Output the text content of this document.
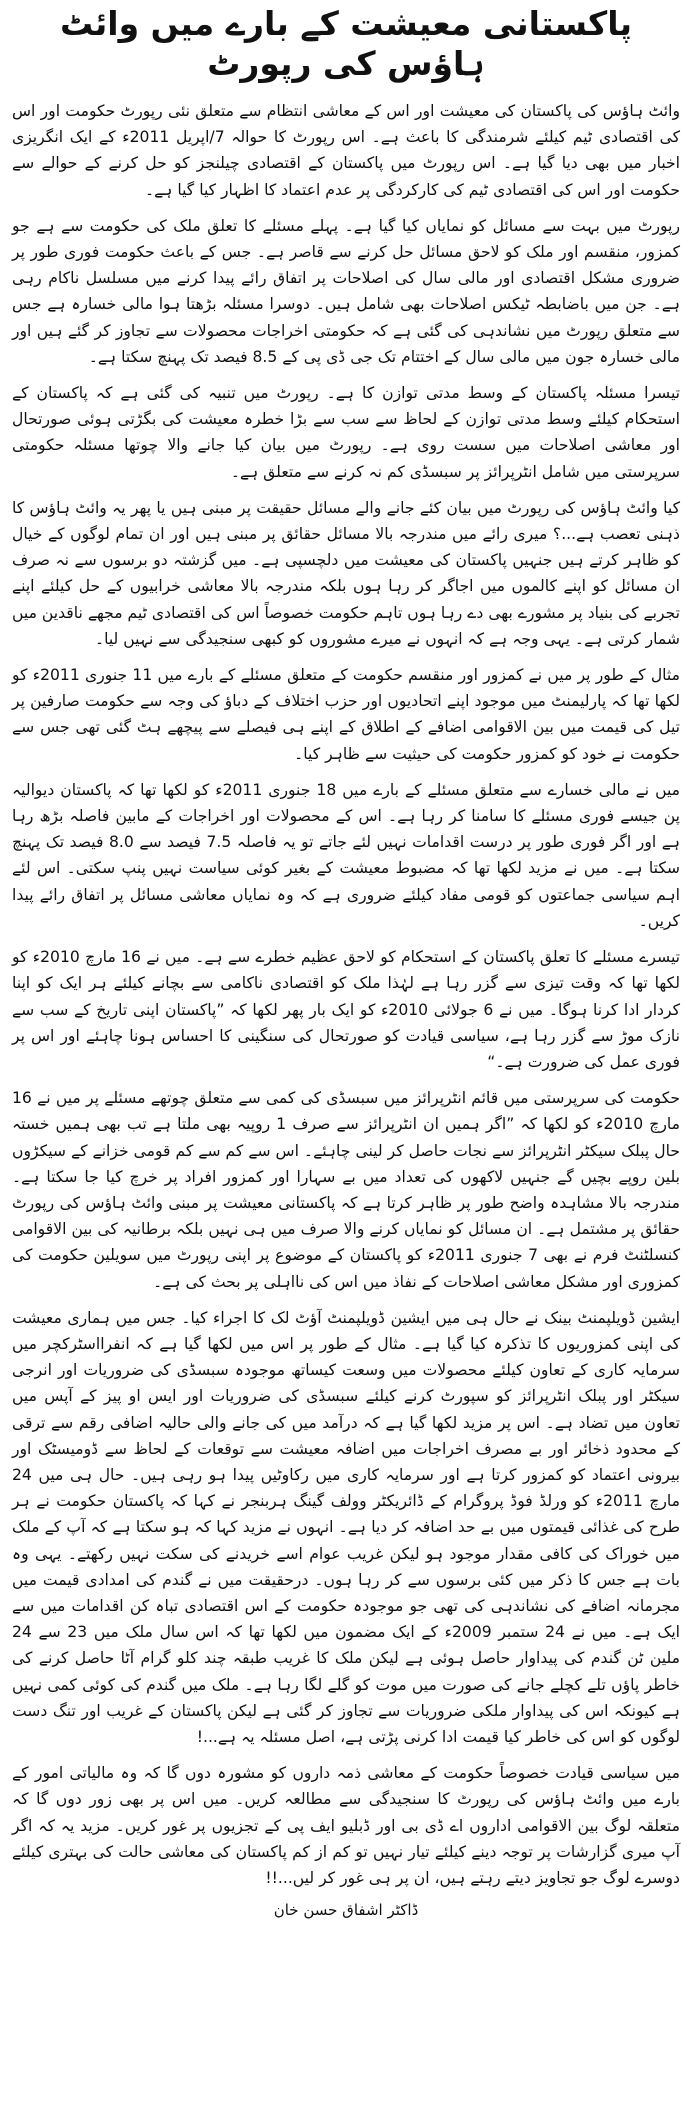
پاکستانی معیشت کے بارے میں وائٹ ہاؤس کی رپورٹ

وائٹ ہاؤس کی پاکستان کی معیشت اور اس کے معاشی انتظام سے متعلق نئی رپورٹ حکومت اور اس کی اقتصادی ٹیم کیلئے شرمندگی کا باعث ہے۔ اس رپورٹ کا حوالہ 7/اپریل 2011ء کے ایک انگریزی اخبار میں بھی دیا گیا ہے۔ اس رپورٹ میں پاکستان کے اقتصادی چیلنجز کو حل کرنے کے حوالے سے حکومت اور اس کی اقتصادی ٹیم کی کارکردگی پر عدم اعتماد کا اظہار کیا گیا ہے۔

رپورٹ میں بہت سے مسائل کو نمایاں کیا گیا ہے۔ پہلے مسئلے کا تعلق ملک کی حکومت سے ہے جو کمزور، منقسم اور ملک کو لاحق مسائل حل کرنے سے قاصر ہے۔ جس کے باعث حکومت فوری طور پر ضروری مشکل اقتصادی اور مالی سال کی اصلاحات پر اتفاق رائے پیدا کرنے میں مسلسل ناکام رہی ہے۔ جن میں باضابطہ ٹیکس اصلاحات بھی شامل ہیں۔ دوسرا مسئلہ بڑھتا ہوا مالی خسارہ ہے جس سے متعلق رپورٹ میں نشاندہی کی گئی ہے کہ حکومتی اخراجات محصولات سے تجاوز کر گئے ہیں اور مالی خسارہ جون میں مالی سال کے اختتام تک جی ڈی پی کے 8.5 فیصد تک پہنچ سکتا ہے۔

تیسرا مسئلہ پاکستان کے وسط مدتی توازن کا ہے۔ رپورٹ میں تنبیہ کی گئی ہے کہ پاکستان کے استحکام کیلئے وسط مدتی توازن کے لحاظ سے سب سے بڑا خطرہ معیشت کی بگڑتی ہوئی صورتحال اور معاشی اصلاحات میں سست روی ہے۔ رپورٹ میں بیان کیا جانے والا چوتھا مسئلہ حکومتی سرپرستی میں شامل انٹرپرائز پر سبسڈی کم نہ کرنے سے متعلق ہے۔

کیا وائٹ ہاؤس کی رپورٹ میں بیان کئے جانے والے مسائل حقیقت پر مبنی ہیں یا پھر یہ وائٹ ہاؤس کا ذہنی تعصب ہے...؟ میری رائے میں مندرجہ بالا مسائل حقائق پر مبنی ہیں اور ان تمام لوگوں کے خیال کو ظاہر کرتے ہیں جنہیں پاکستان کی معیشت میں دلچسپی ہے۔ میں گزشتہ دو برسوں سے نہ صرف ان مسائل کو اپنے کالموں میں اجاگر کر رہا ہوں بلکہ مندرجہ بالا معاشی خرابیوں کے حل کیلئے اپنے تجربے کی بنیاد پر مشورے بھی دے رہا ہوں تاہم حکومت خصوصاً اس کی اقتصادی ٹیم مجھے ناقدین میں شمار کرتی ہے۔ یہی وجہ ہے کہ انہوں نے میرے مشوروں کو کبھی سنجیدگی سے نہیں لیا۔

مثال کے طور پر میں نے کمزور اور منقسم حکومت کے متعلق مسئلے کے بارے میں 11 جنوری 2011ء کو لکھا تھا کہ پارلیمنٹ میں موجود اپنے اتحادیوں اور حزب اختلاف کے دباؤ کی وجہ سے حکومت صارفین پر تیل کی قیمت میں بین الاقوامی اضافے کے اطلاق کے اپنے ہی فیصلے سے پیچھے ہٹ گئی تھی جس سے حکومت نے خود کو کمزور حکومت کی حیثیت سے ظاہر کیا۔

میں نے مالی خسارے سے متعلق مسئلے کے بارے میں 18 جنوری 2011ء کو لکھا تھا کہ پاکستان دیوالیہ پن جیسے فوری مسئلے کا سامنا کر رہا ہے۔ اس کے محصولات اور اخراجات کے مابین فاصلہ بڑھ رہا ہے اور اگر فوری طور پر درست اقدامات نہیں لئے جاتے تو یہ فاصلہ 7.5 فیصد سے 8.0 فیصد تک پہنچ سکتا ہے۔ میں نے مزید لکھا تھا کہ مضبوط معیشت کے بغیر کوئی سیاست نہیں پنپ سکتی۔ اس لئے اہم سیاسی جماعتوں کو قومی مفاد کیلئے ضروری ہے کہ وہ نمایاں معاشی مسائل پر اتفاق رائے پیدا کریں۔

تیسرے مسئلے کا تعلق پاکستان کے استحکام کو لاحق عظیم خطرے سے ہے۔ میں نے 16 مارچ 2010ء کو لکھا تھا کہ وقت تیزی سے گزر رہا ہے لہٰذا ملک کو اقتصادی ناکامی سے بچانے کیلئے ہر ایک کو اپنا کردار ادا کرنا ہوگا۔ میں نے 6 جولائی 2010ء کو ایک بار پھر لکھا کہ ”پاکستان اپنی تاریخ کے سب سے نازک موڑ سے گزر رہا ہے، سیاسی قیادت کو صورتحال کی سنگینی کا احساس ہونا چاہئے اور اس پر فوری عمل کی ضرورت ہے۔“

حکومت کی سرپرستی میں قائم انٹرپرائز میں سبسڈی کی کمی سے متعلق چوتھے مسئلے پر میں نے 16 مارچ 2010ء کو لکھا کہ ”اگر ہمیں ان انٹرپرائز سے صرف 1 روپیہ بھی ملتا ہے تب بھی ہمیں خستہ حال پبلک سیکٹر انٹرپرائز سے نجات حاصل کر لینی چاہئے۔ اس سے کم سے کم قومی خزانے کے سیکڑوں بلین روپے بچیں گے جنہیں لاکھوں کی تعداد میں بے سہارا اور کمزور افراد پر خرچ کیا جا سکتا ہے۔ مندرجہ بالا مشاہدہ واضح طور پر ظاہر کرتا ہے کہ پاکستانی معیشت پر مبنی وائٹ ہاؤس کی رپورٹ حقائق پر مشتمل ہے۔ ان مسائل کو نمایاں کرنے والا صرف میں ہی نہیں بلکہ برطانیہ کی بین الاقوامی کنسلٹنٹ فرم نے بھی 7 جنوری 2011ء کو پاکستان کے موضوع پر اپنی رپورٹ میں سویلین حکومت کی کمزوری اور مشکل معاشی اصلاحات کے نفاذ میں اس کی نااہلی پر بحث کی ہے۔

ایشین ڈویلپمنٹ بینک نے حال ہی میں ایشین ڈویلپمنٹ آؤٹ لک کا اجراء کیا۔ جس میں ہماری معیشت کی اپنی کمزوریوں کا تذکرہ کیا گیا ہے۔ مثال کے طور پر اس میں لکھا گیا ہے کہ انفرااسٹرکچر میں سرمایہ کاری کے تعاون کیلئے محصولات میں وسعت کیساتھ موجودہ سبسڈی کی ضروریات اور انرجی سیکٹر اور پبلک انٹرپرائز کو سپورٹ کرنے کیلئے سبسڈی کی ضروریات اور ایس او پیز کے آپس میں تعاون میں تضاد ہے۔ اس پر مزید لکھا گیا ہے کہ درآمد میں کی جانے والی حالیہ اضافی رقم سے ترقی کے محدود ذخائر اور بے مصرف اخراجات میں اضافہ معیشت سے توقعات کے لحاظ سے ڈومیسٹک اور بیرونی اعتماد کو کمزور کرتا ہے اور سرمایہ کاری میں رکاوٹیں پیدا ہو رہی ہیں۔ حال ہی میں 24 مارچ 2011ء کو ورلڈ فوڈ پروگرام کے ڈائریکٹر وولف گینگ ہربنجر نے کہا کہ پاکستان حکومت نے ہر طرح کی غذائی قیمتوں میں بے حد اضافہ کر دیا ہے۔ انہوں نے مزید کہا کہ ہو سکتا ہے کہ آپ کے ملک میں خوراک کی کافی مقدار موجود ہو لیکن غریب عوام اسے خریدنے کی سکت نہیں رکھتے۔ یہی وہ بات ہے جس کا ذکر میں کئی برسوں سے کر رہا ہوں۔ درحقیقت میں نے گندم کی امدادی قیمت میں مجرمانہ اضافے کی نشاندہی کی تھی جو موجودہ حکومت کے اس اقتصادی تباہ کن اقدامات میں سے ایک ہے۔ میں نے 24 ستمبر 2009ء کے ایک مضمون میں لکھا تھا کہ اس سال ملک میں 23 سے 24 ملین ٹن گندم کی پیداوار حاصل ہوئی ہے لیکن ملک کا غریب طبقہ چند کلو گرام آٹا حاصل کرنے کی خاطر پاؤں تلے کچلے جانے کی صورت میں موت کو گلے لگا رہا ہے۔ ملک میں گندم کی کوئی کمی نہیں ہے کیونکہ اس کی پیداوار ملکی ضروریات سے تجاوز کر گئی ہے لیکن پاکستان کے غریب اور تنگ دست لوگوں کو اس کی خاطر کیا قیمت ادا کرنی پڑتی ہے، اصل مسئلہ یہ ہے...!

میں سیاسی قیادت خصوصاً حکومت کے معاشی ذمہ داروں کو مشورہ دوں گا کہ وہ مالیاتی امور کے بارے میں وائٹ ہاؤس کی رپورٹ کا سنجیدگی سے مطالعہ کریں۔ میں اس پر بھی زور دوں گا کہ متعلقہ لوگ بین الاقوامی اداروں اے ڈی بی اور ڈبلیو ایف پی کے تجزیوں پر غور کریں۔ مزید یہ کہ اگر آپ میری گزارشات پر توجہ دینے کیلئے تیار نہیں تو کم از کم پاکستان کی معاشی حالت کی بہتری کیلئے دوسرے لوگ جو تجاویز دیتے رہتے ہیں، ان پر ہی غور کر لیں...!!

ڈاکٹر اشفاق حسن خان
